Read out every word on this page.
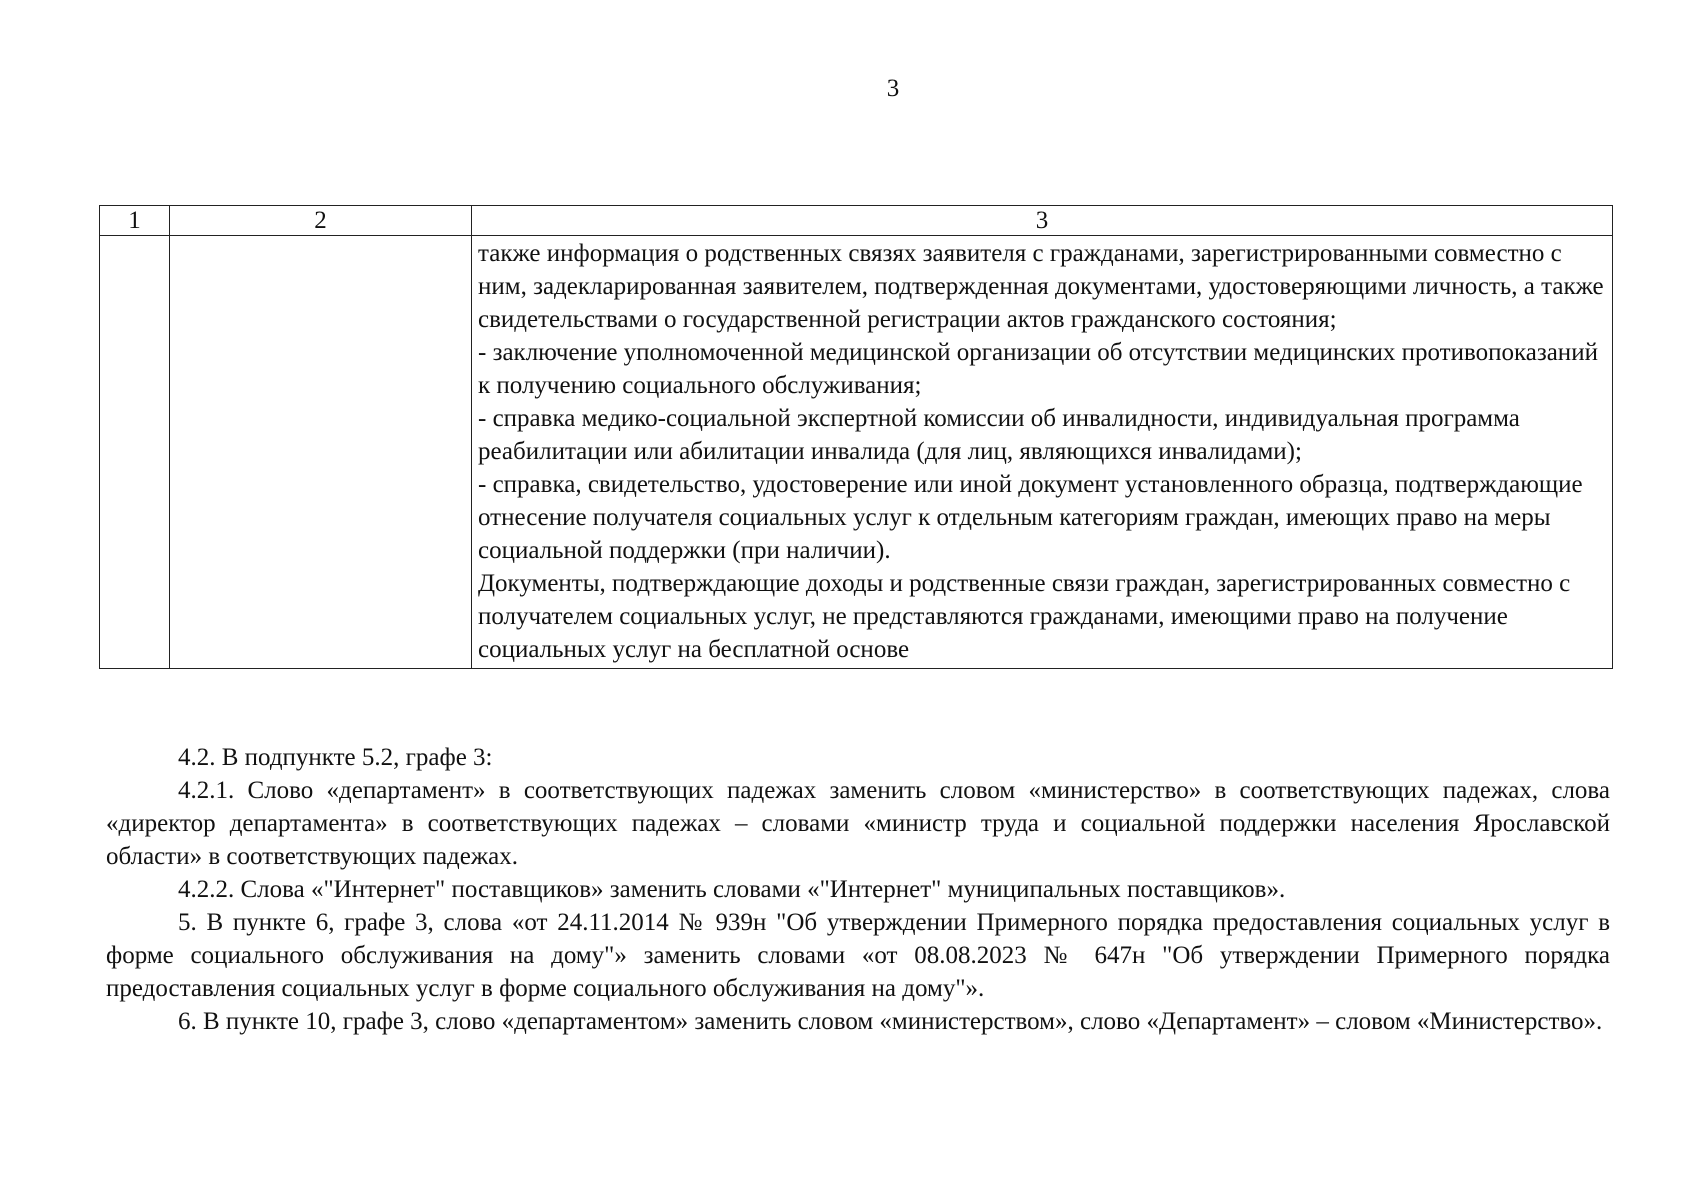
3
1	2	3

		также информация о родственных связях заявителя с гражданами, зарегистрированными совместно с ним, задекларированная заявителем, подтвержденная документами, удостоверяющими личность, а также свидетельствами о государственной регистрации актов гражданского состояния;

- заключение уполномоченной медицинской организации об отсутствии медицинских противопоказаний к получению социального обслуживания;

- справка медико-социальной экспертной комиссии об инвалидности, индивидуальная программа реабилитации или абилитации инвалида (для лиц, являющихся инвалидами);

- справка, свидетельство, удостоверение или иной документ установленного образца, подтверждающие отнесение получателя социальных услуг к отдельным категориям граждан, имеющих право на меры социальной поддержки (при наличии).

Документы, подтверждающие доходы и родственные связи граждан, зарегистрированных совместно с получателем социальных услуг, не представляются гражданами, имеющими право на получение социальных услуг на бесплатной основе

4.2. В подпункте 5.2, графе 3:

4.2.1. Слово «департамент» в соответствующих падежах заменить словом «министерство» в соответствующих падежах, слова «директор департамента» в соответствующих падежах – словами «министр труда и социальной поддержки населения Ярославской области» в соответствующих падежах.

4.2.2. Слова «"Интернет" поставщиков» заменить словами «"Интернет" муниципальных поставщиков».

5. В пункте 6, графе 3, слова «от 24.11.2014 № 939н "Об утверждении Примерного порядка предоставления социальных услуг в форме социального обслуживания на дому"» заменить словами «от 08.08.2023 № 647н "Об утверждении Примерного порядка предоставления социальных услуг в форме социального обслуживания на дому"».

6. В пункте 10, графе 3, слово «департаментом» заменить словом «министерством», слово «Департамент» – словом «Министерство».
